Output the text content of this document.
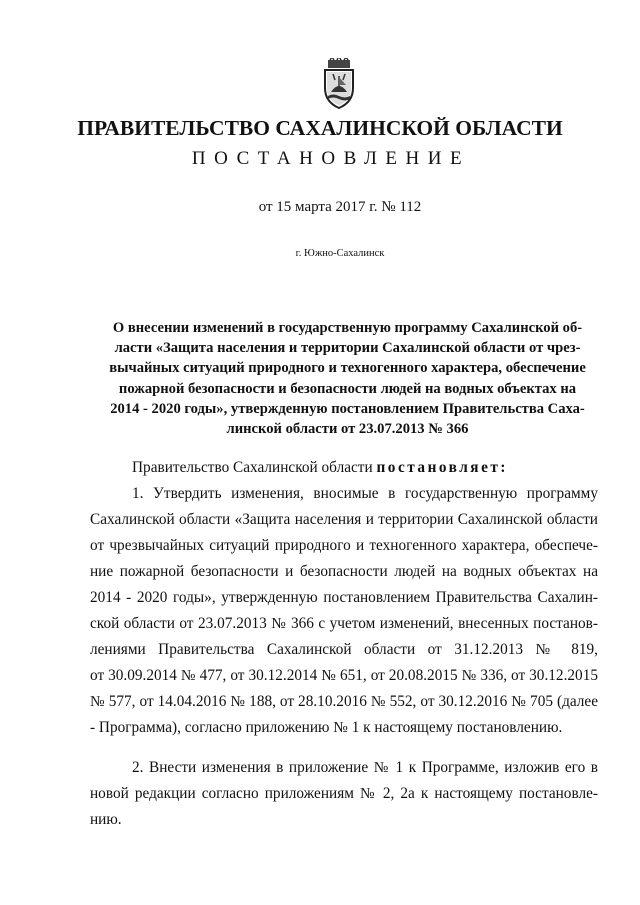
ПРАВИТЕЛЬСТВО САХАЛИНСКОЙ ОБЛАСТИ
ПОСТАНОВЛЕНИЕ
от 15 марта 2017 г. № 112
г. Южно-Сахалинск
О внесении изменений в государственную программу Сахалинской об-
ласти «Защита населения и территории Сахалинской области от чрез-
вычайных ситуаций природного и техногенного характера, обеспечение
пожарной безопасности и безопасности людей на водных объектах на
2014 - 2020 годы», утвержденную постановлением Правительства Саха-
линской области от 23.07.2013 № 366
Правительство Сахалинской области постановляет:
1. Утвердить изменения, вносимые в государственную программу
Сахалинской области «Защита населения и территории Сахалинской области
от чрезвычайных ситуаций природного и техногенного характера, обеспече-
ние пожарной безопасности и безопасности людей на водных объектах на
2014 - 2020 годы», утвержденную постановлением Правительства Сахалин-
ской области от 23.07.2013 № 366 с учетом изменений, внесенных постанов-
лениями Правительства Сахалинской области от 31.12.2013 № 819,
от 30.09.2014 № 477, от 30.12.2014 № 651, от 20.08.2015 № 336, от 30.12.2015
№ 577, от 14.04.2016 № 188, от 28.10.2016 № 552, от 30.12.2016 № 705 (далее
- Программа), согласно приложению № 1 к настоящему постановлению.
2. Внести изменения в приложение № 1 к Программе, изложив его в
новой редакции согласно приложениям № 2, 2а к настоящему постановле-
нию.
